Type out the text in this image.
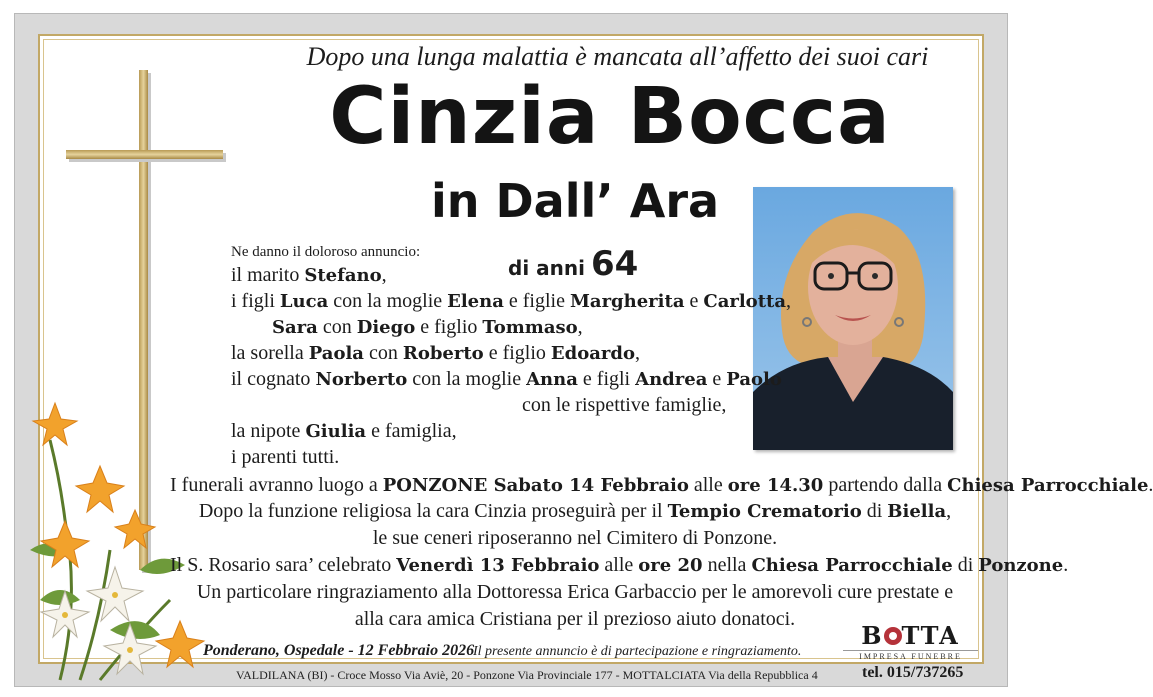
Dopo una lunga malattia è mancata all’affetto dei suoi cari
Cinzia Bocca
in Dall’ Ara
di anni 64
Ne danno il doloroso annuncio:
il marito Stefano,
i figli Luca con la moglie Elena e figlie Margherita e Carlotta,
Sara con Diego e figlio Tommaso,
la sorella Paola con Roberto e figlio Edoardo,
il cognato Norberto con la moglie Anna e figli Andrea e Paolo
con le rispettive famiglie,
la nipote Giulia e famiglia,
i parenti tutti.
I funerali avranno luogo a PONZONE Sabato 14 Febbraio alle ore 14.30 partendo dalla Chiesa Parrocchiale.
Dopo la funzione religiosa la cara Cinzia proseguirà per il Tempio Crematorio di Biella,
le sue ceneri riposeranno nel Cimitero di Ponzone.
Il S. Rosario sara’ celebrato Venerdì 13 Febbraio alle ore 20 nella Chiesa Parrocchiale di Ponzone.
Un particolare ringraziamento alla Dottoressa Erica Garbaccio per le amorevoli cure prestate e
alla cara amica Cristiana per il prezioso aiuto donatoci.
Ponderano, Ospedale - 12 Febbraio 2026
Il presente annuncio è di partecipazione e ringraziamento.
B TTA
IMPRESA FUNEBRE
VALDILANA (BI) - Croce Mosso Via Aviè, 20 - Ponzone Via Provinciale 177 - MOTTALCIATA Via della Repubblica 4	tel. 015/737265
